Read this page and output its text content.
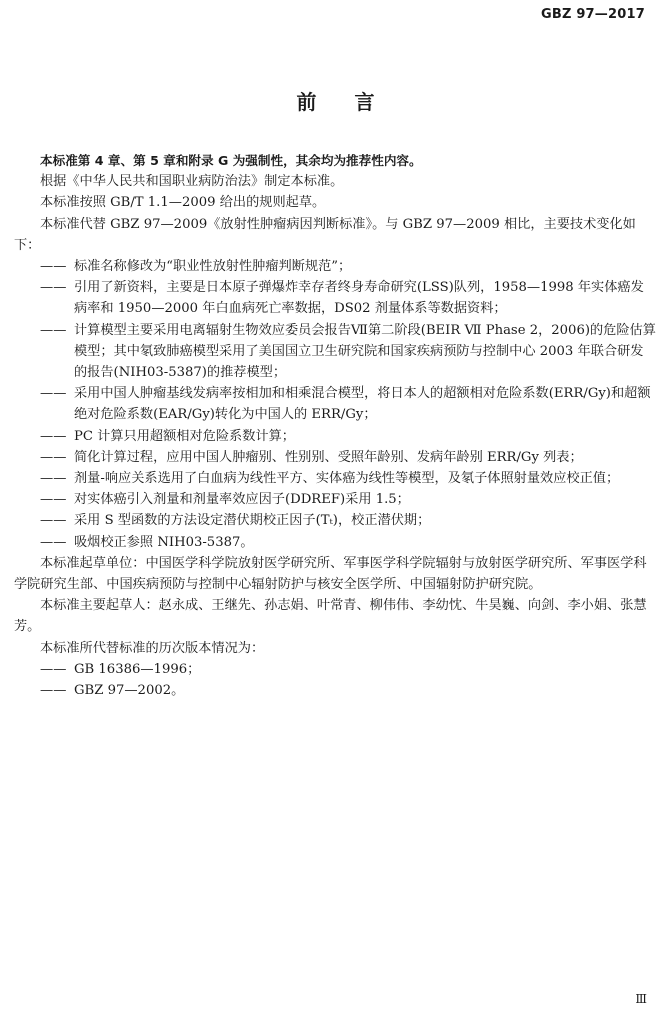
GBZ 97—2017
前 言

本标准第 4 章、第 5 章和附录 G 为强制性，其余均为推荐性内容。

根据《中华人民共和国职业病防治法》制定本标准。

本标准按照 GB/T 1.1—2009 给出的规则起草。

本标准代替 GBZ 97—2009《放射性肿瘤病因判断标准》。与 GBZ 97—2009 相比，主要技术变化如下：

—— 标准名称修改为“职业性放射性肿瘤判断规范”；
—— 引用了新资料，主要是日本原子弹爆炸幸存者终身寿命研究(LSS)队列，1958—1998 年实体癌发病率和 1950—2000 年白血病死亡率数据，DS02 剂量体系等数据资料；
—— 计算模型主要采用电离辐射生物效应委员会报告Ⅶ第二阶段(BEIR Ⅶ Phase 2，2006)的危险估算模型；其中氡致肺癌模型采用了美国国立卫生研究院和国家疾病预防与控制中心 2003 年联合研发的报告(NIH03-5387)的推荐模型；
—— 采用中国人肿瘤基线发病率按相加和相乘混合模型，将日本人的超额相对危险系数(ERR/Gy)和超额绝对危险系数(EAR/Gy)转化为中国人的 ERR/Gy；
—— PC 计算只用超额相对危险系数计算；
—— 简化计算过程，应用中国人肿瘤别、性别别、受照年龄别、发病年龄别 ERR/Gy 列表；
—— 剂量-响应关系选用了白血病为线性平方、实体癌为线性等模型，及氡子体照射量效应校正值；
—— 对实体癌引入剂量和剂量率效应因子(DDREF)采用 1.5；
—— 采用 S 型函数的方法设定潜伏期校正因子(Tₜ)，校正潜伏期；
—— 吸烟校正参照 NIH03-5387。

本标准起草单位：中国医学科学院放射医学研究所、军事医学科学院辐射与放射医学研究所、军事医学科学院研究生部、中国疾病预防与控制中心辐射防护与核安全医学所、中国辐射防护研究院。

本标准主要起草人：赵永成、王继先、孙志娟、叶常青、柳伟伟、李幼忱、牛昊巍、向剑、李小娟、张慧芳。

本标准所代替标准的历次版本情况为：

—— GB 16386—1996；
—— GBZ 97—2002。
Ⅲ
